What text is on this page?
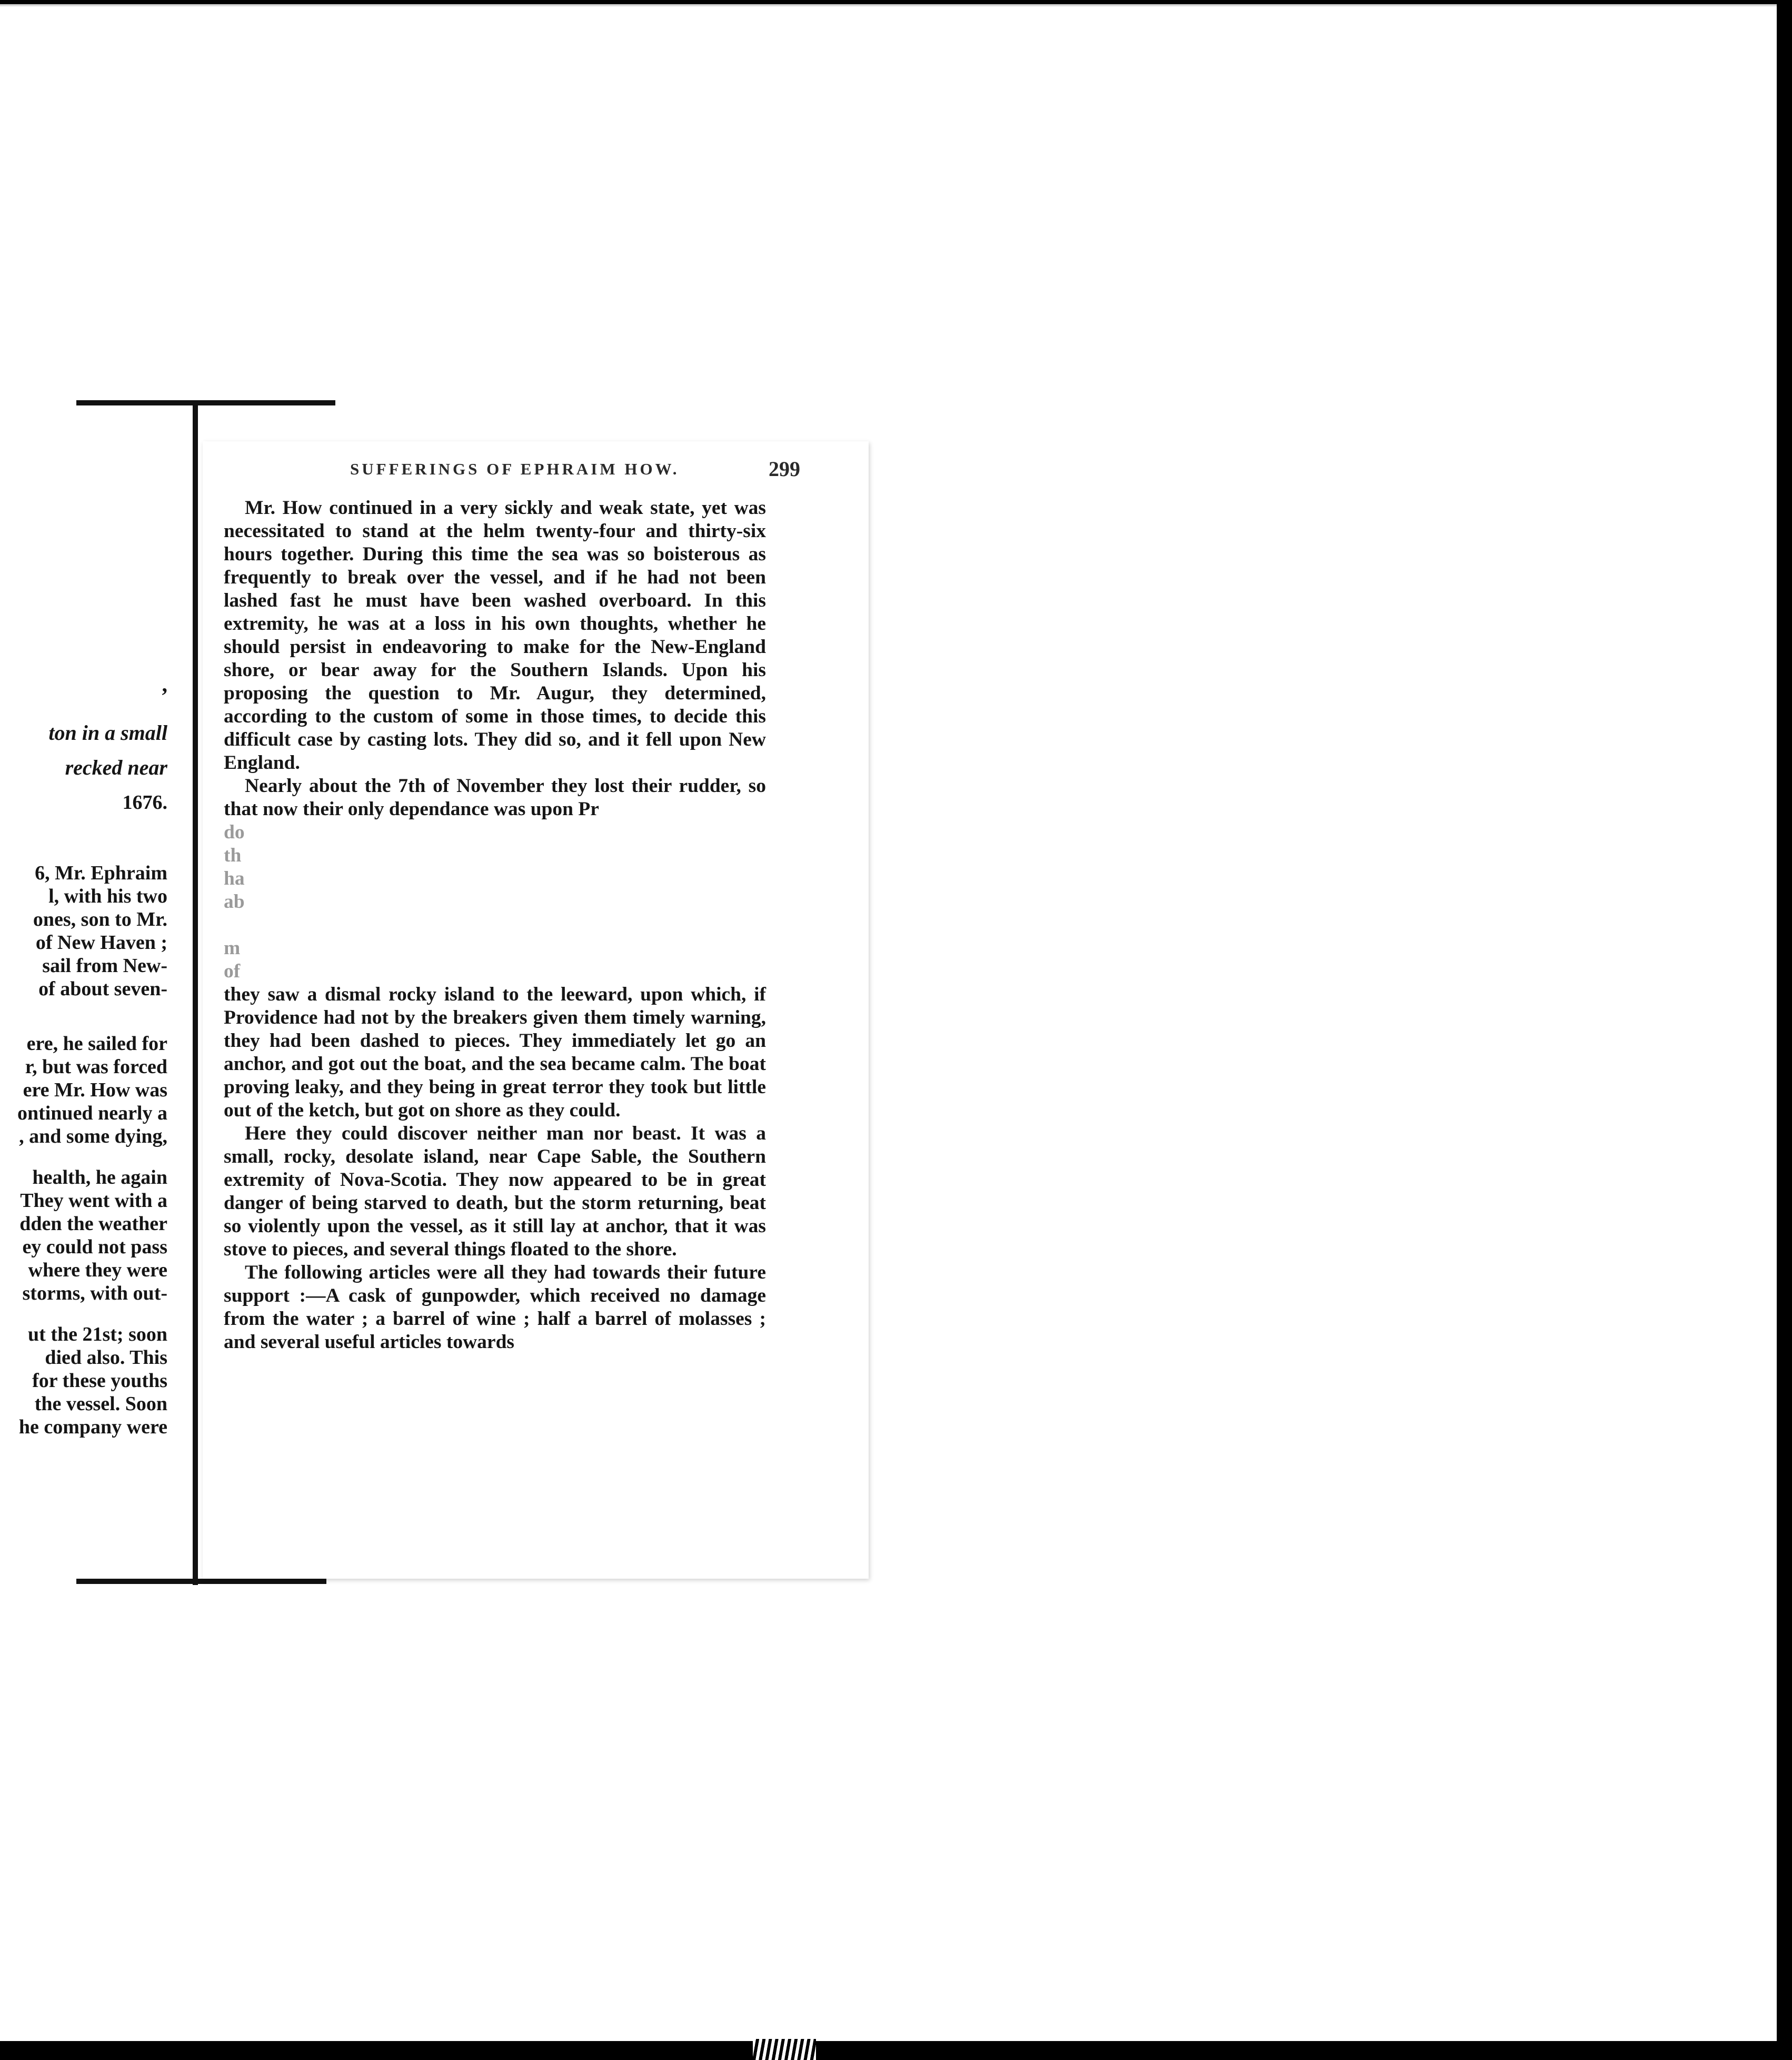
,

ton in a small

recked near

1676.

6, Mr. Ephraim

l, with his two

ones, son to Mr.

of New Haven ;

sail from New-

of about seven-

ere, he sailed for

r, but was forced

ere Mr. How was

ontinued nearly a

, and some dying,

health, he again

They went with a

dden the weather

ey could not pass

where they were

storms, with out-

ut the 21st; soon

died also. This

for these youths

the vessel. Soon

he company were

SUFFERINGS OF EPHRAIM HOW.	299

Mr. How continued in a very sickly and weak state, yet was necessitated to stand at the helm twenty-four and thirty-six hours together. During this time the sea was so boisterous as frequently to break over the vessel, and if he had not been lashed fast he must have been washed overboard. In this extremity, he was at a loss in his own thoughts, whether he should persist in endeavoring to make for the New-England shore, or bear away for the Southern Islands. Upon his proposing the question to Mr. Augur, they determined, according to the custom of some in those times, to decide this difficult case by casting lots. They did so, and it fell upon New England.

Nearly about the 7th of November they lost their rudder, so that now their only dependance was upon Pr

do

th

ha

ab

m

of

they saw a dismal rocky island to the leeward, upon which, if Providence had not by the breakers given them timely warning, they had been dashed to pieces. They immediately let go an anchor, and got out the boat, and the sea became calm. The boat proving leaky, and they being in great terror they took but little out of the ketch, but got on shore as they could.

Here they could discover neither man nor beast. It was a small, rocky, desolate island, near Cape Sable, the Southern extremity of Nova-Scotia. They now appeared to be in great danger of being starved to death, but the storm returning, beat so violently upon the vessel, as it still lay at anchor, that it was stove to pieces, and several things floated to the shore.

The following articles were all they had towards their future support :—A cask of gunpowder, which received no damage from the water ; a barrel of wine ; half a barrel of molasses ; and several useful articles towards
